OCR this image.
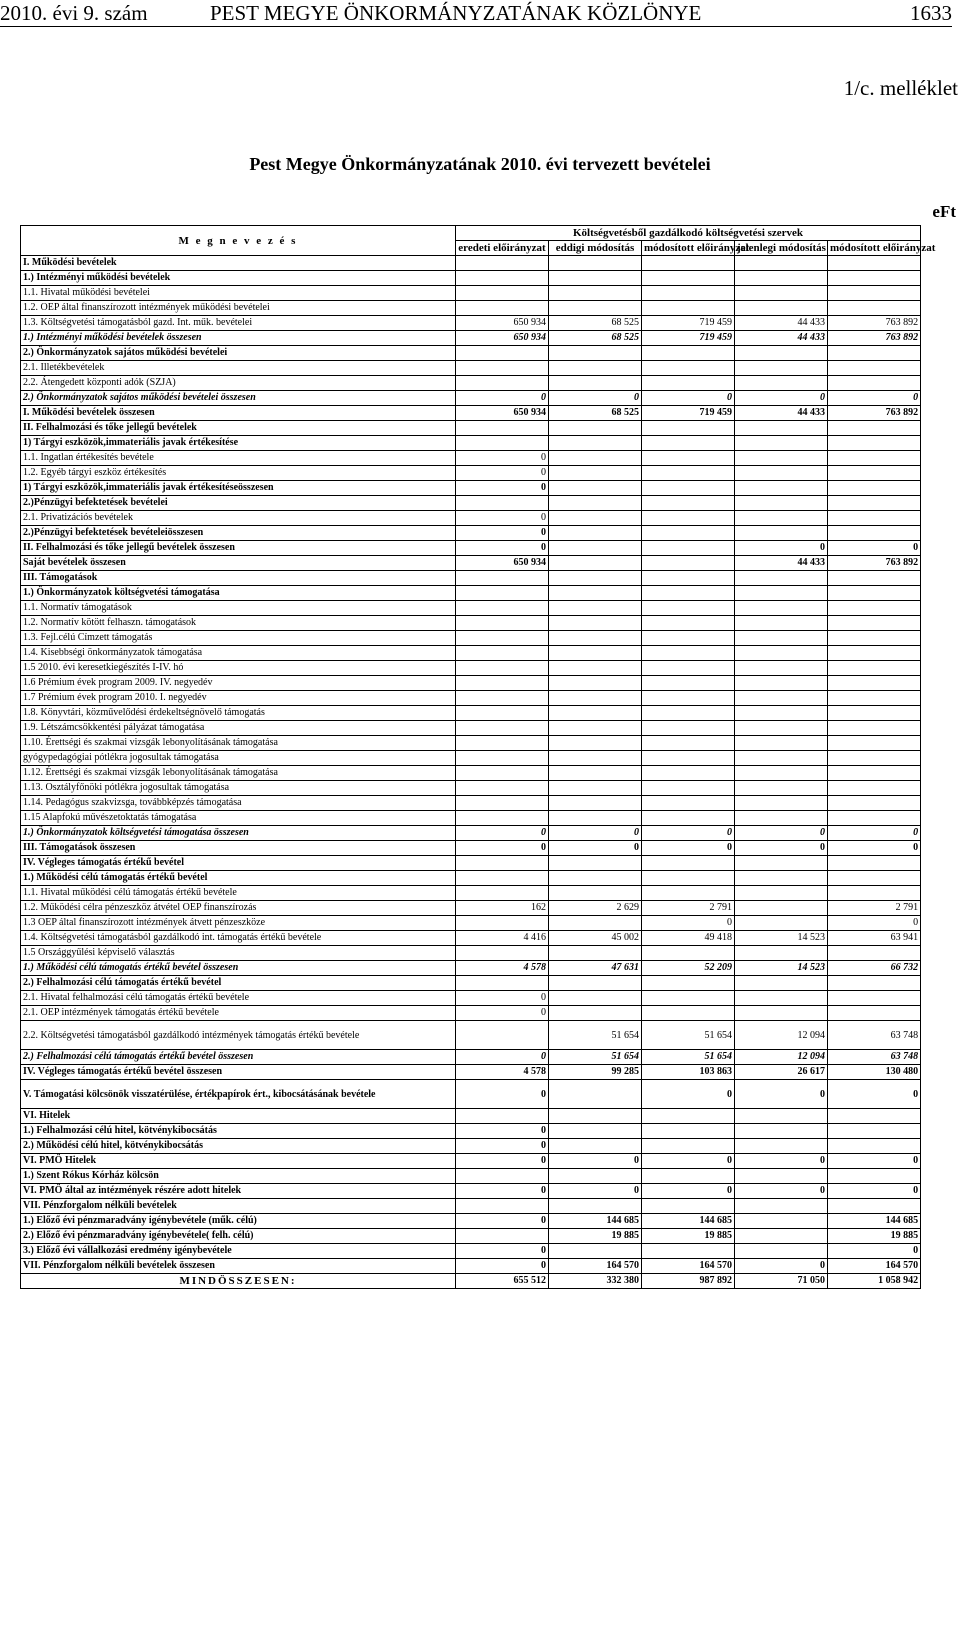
2010. évi 9. szám	PEST MEGYE ÖNKORMÁNYZATÁNAK KÖZLÖNYE	1633
1/c. melléklet
Pest Megye Önkormányzatának 2010. évi tervezett bevételei
eFt
M e g n e v e z é s	Költségvetésből gazdálkodó költségvetési szervek				
	eredeti előirányzat	eddigi módosítás	módosított előirányzat	jelenlegi módosítás	módosított előirányzat
I. Működési bevételek					
1.) Intézményi működési bevételek					
1.1. Hivatal működési bevételei					
1.2. OEP által finanszírozott intézmények működési bevételei					
1.3. Költségvetési támogatásból gazd. Int. műk. bevételei	650 934	68 525	719 459	44 433	763 892
1.) Intézményi működési bevételek összesen	650 934	68 525	719 459	44 433	763 892
2.) Önkormányzatok sajátos működési bevételei					
2.1. Illetékbevételek					
2.2. Átengedett központi adók (SZJA)					
2.) Önkormányzatok sajátos működési bevételei összesen	0	0	0	0	0
I. Működési bevételek összesen	650 934	68 525	719 459	44 433	763 892
II. Felhalmozási és tőke jellegű bevételek					
1) Tárgyi eszközök,immateriális javak értékesítése					
1.1. Ingatlan értékesítés bevétele	0				
1.2. Egyéb tárgyi eszköz értékesítés	0				
1) Tárgyi eszközök,immateriális javak értékesítéseösszesen	0				
2.)Pénzügyi befektetések bevételei					
2.1. Privatizációs bevételek	0				
2.)Pénzügyi befektetések bevételeiösszesen	0				
II. Felhalmozási és tőke jellegű bevételek összesen	0			0	0
Saját bevételek összesen	650 934			44 433	763 892
III. Támogatások					
1.) Önkormányzatok költségvetési támogatása					
1.1. Normatív támogatások					
1.2. Normatív kötött felhaszn. támogatások					
1.3. Fejl.célú Címzett támogatás					
1.4. Kisebbségi önkormányzatok támogatása					
1.5 2010. évi keresetkiegészítés I-IV. hó					
1.6 Prémium évek program 2009. IV. negyedév					
1.7 Prémium évek program 2010. I. negyedév					
1.8. Könyvtári, közművelődési érdekeltségnövelő támogatás					
1.9. Létszámcsökkentési pályázat támogatása					
1.10. Érettségi és szakmai vizsgák lebonyolításának támogatása					
gyógypedagógiai pótlékra jogosultak támogatása					
1.12. Érettségi és szakmai vizsgák lebonyolításának támogatása					
1.13. Osztályfőnöki pótlékra jogosultak támogatása					
1.14. Pedagógus szakvizsga, továbbképzés támogatása					
1.15 Alapfokú művészetoktatás támogatása					
1.) Önkormányzatok költségvetési támogatása összesen	0	0	0	0	0
III. Támogatások összesen	0	0	0	0	0
IV. Végleges támogatás értékű bevétel					
1.) Működési célú támogatás értékű bevétel					
1.1. Hivatal működési célú támogatás értékű bevétele					
1.2. Működési célra pénzeszköz átvétel OEP finanszírozás	162	2 629	2 791		2 791
1.3 OEP által finanszírozott intézmények átvett pénzeszköze			0		0
1.4. Költségvetési támogatásból gazdálkodó int. támogatás értékű bevétele	4 416	45 002	49 418	14 523	63 941
1.5 Országgyűlési képviselő választás					
1.) Működési célú támogatás értékű bevétel összesen	4 578	47 631	52 209	14 523	66 732
2.) Felhalmozási célú támogatás értékű bevétel					
2.1. Hivatal felhalmozási célú támogatás értékű bevétele	0				
2.1. OEP intézmények támogatás értékű bevétele	0				
2.2. Költségvetési támogatásból gazdálkodó intézmények támogatás értékű bevétele		51 654	51 654	12 094	63 748
2.) Felhalmozási célú támogatás értékű bevétel összesen	0	51 654	51 654	12 094	63 748
IV. Végleges támogatás értékű bevétel összesen	4 578	99 285	103 863	26 617	130 480
V. Támogatási kölcsönök visszatérülése, értékpapírok ért., kibocsátásának bevétele	0		0	0	0
VI. Hitelek					
1.) Felhalmozási célú hitel, kötvénykibocsátás	0				
2.) Működési célú hitel, kötvénykibocsátás	0				
VI. PMÖ Hitelek	0	0	0	0	0
1.) Szent Rókus Kórház kölcsön					
VI. PMÖ által az intézmények részére adott hitelek	0	0	0	0	0
VII. Pénzforgalom nélküli bevételek					
1.) Előző évi pénzmaradvány igénybevétele (műk. célú)	0	144 685	144 685		144 685
2.) Előző évi pénzmaradvány igénybevétele( felh. célú)		19 885	19 885		19 885
3.) Előző évi vállalkozási eredmény igénybevétele	0				0
VII. Pénzforgalom nélküli bevételek összesen	0	164 570	164 570	0	164 570
MINDÖSSZESEN:	655 512	332 380	987 892	71 050	1 058 942
